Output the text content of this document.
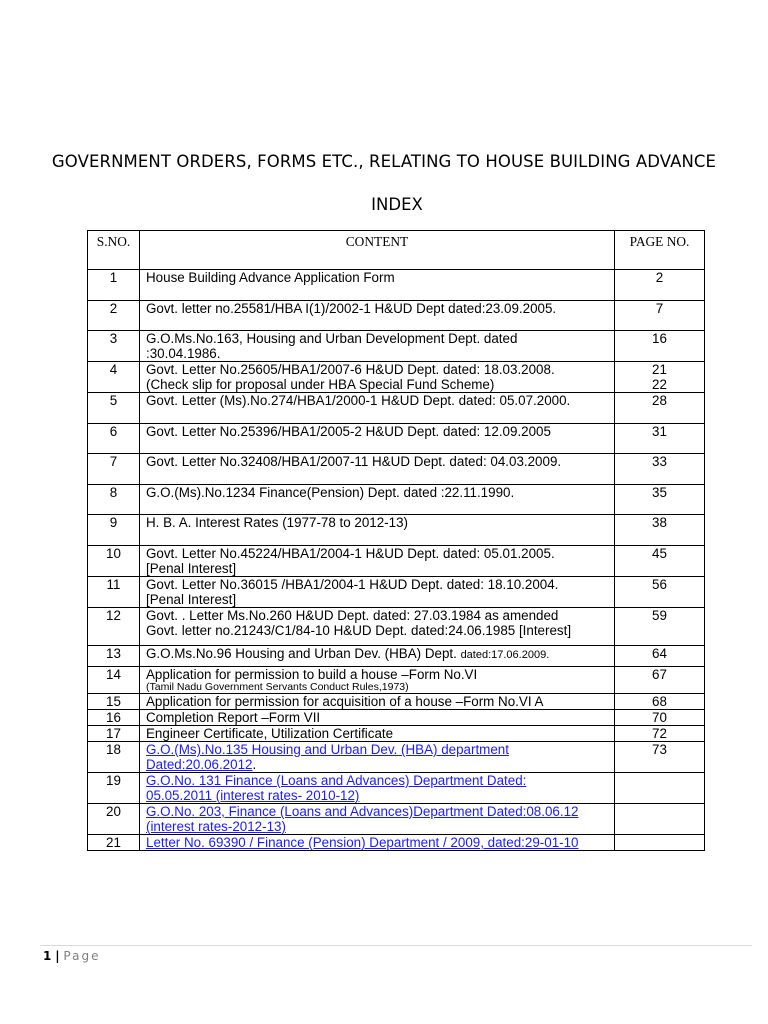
GOVERNMENT ORDERS, FORMS ETC., RELATING TO HOUSE BUILDING ADVANCE
INDEX
S.NO.	CONTENT	PAGE NO.
1	House Building Advance Application Form	2
2	Govt. letter no.25581/HBA I(1)/2002-1 H&UD Dept dated:23.09.2005.	7
3	G.O.Ms.No.163, Housing and Urban Development Dept. dated
:30.04.1986.	16
4	Govt. Letter No.25605/HBA1/2007-6 H&UD Dept. dated: 18.03.2008.
(Check slip for proposal under HBA Special Fund Scheme)	21
22
5	Govt. Letter (Ms).No.274/HBA1/2000-1 H&UD Dept. dated: 05.07.2000.	28
6	Govt. Letter No.25396/HBA1/2005-2 H&UD Dept. dated: 12.09.2005	31
7	Govt. Letter No.32408/HBA1/2007-11 H&UD Dept. dated: 04.03.2009.	33
8	G.O.(Ms).No.1234 Finance(Pension) Dept. dated :22.11.1990.	35
9	H. B. A. Interest Rates (1977-78 to 2012-13)	38
10	Govt. Letter No.45224/HBA1/2004-1 H&UD Dept. dated: 05.01.2005.
[Penal Interest]	45
11	Govt. Letter No.36015 /HBA1/2004-1 H&UD Dept. dated: 18.10.2004.
[Penal Interest]	56
12	Govt. . Letter Ms.No.260 H&UD Dept. dated: 27.03.1984 as amended
Govt. letter no.21243/C1/84-10 H&UD Dept. dated:24.06.1985 [Interest]	59
13	G.O.Ms.No.96 Housing and Urban Dev. (HBA) Dept. dated:17.06.2009.	64
14	Application for permission to build a house –Form No.VI
(Tamil Nadu Government Servants Conduct Rules,1973)	67
15	Application for permission for acquisition of a house –Form No.VI A	68
16	Completion Report –Form VII	70
17	Engineer Certificate, Utilization Certificate	72
18	G.O.(Ms).No.135 Housing and Urban Dev. (HBA) department
Dated:20.06.2012.	73
19	G.O.No. 131 Finance (Loans and Advances) Department Dated:
05.05.2011 (interest rates- 2010-12)	
20	G.O.No. 203, Finance (Loans and Advances)Department Dated:08.06.12
(interest rates-2012-13)	
21	Letter No. 69390 / Finance (Pension) Department / 2009, dated:29-01-10	
1 | Page
